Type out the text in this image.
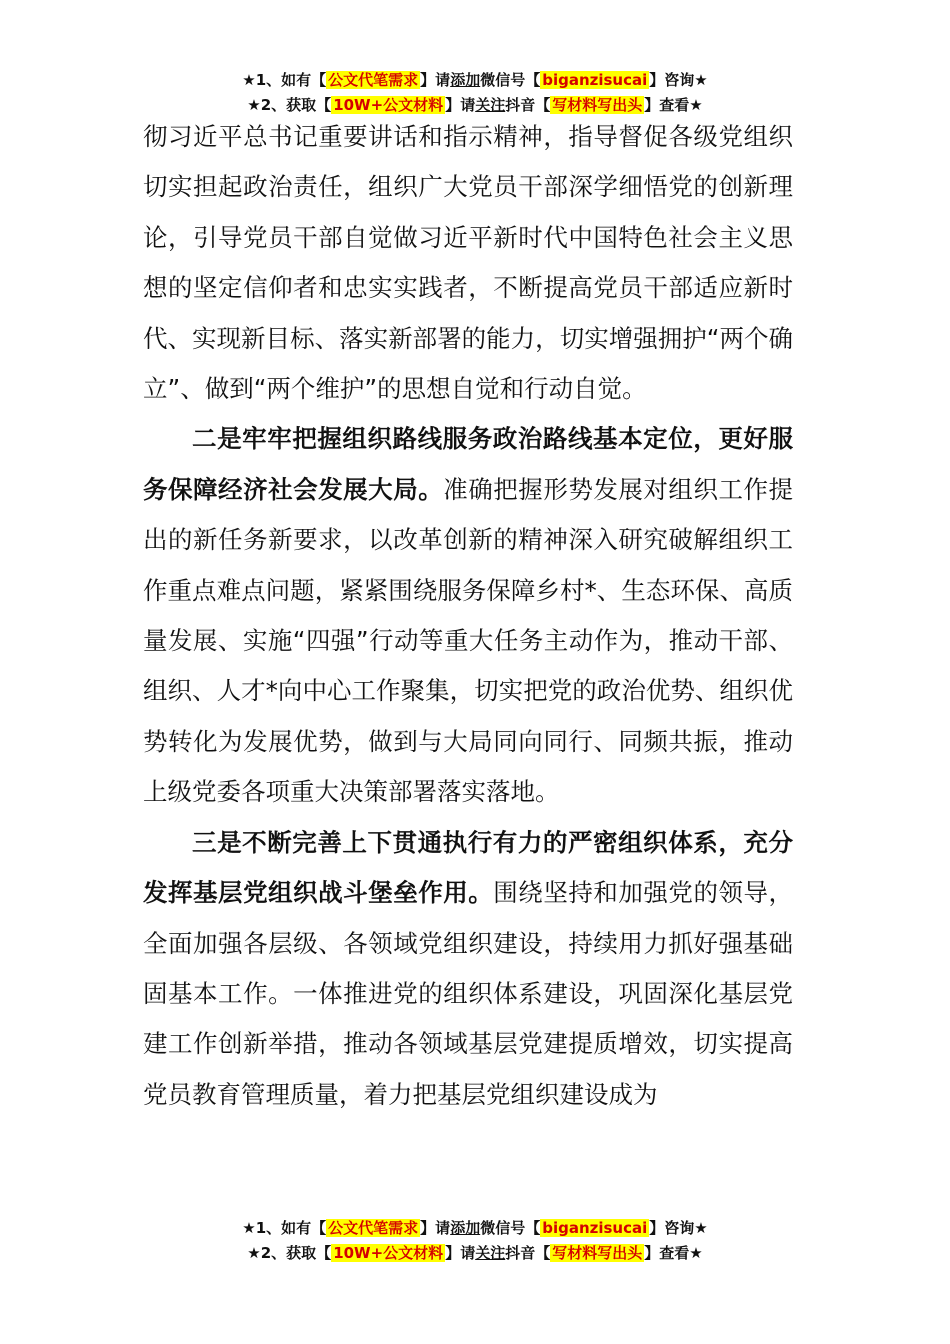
★1、如有【 公文代笔需求 】请添加微信号【 biganzisucai 】咨询★
★2、获取【 10W+公文材料 】请关注抖音【 写材料写出头 】查看★

彻习近平总书记重要讲话和指示精神，指导督促各级党组织切实担起政治责任，组织广大党员干部深学细悟党的创新理论，引导党员干部自觉做习近平新时代中国特色社会主义思想的坚定信仰者和忠实实践者，不断提高党员干部适应新时代、实现新目标、落实新部署的能力，切实增强拥护“两个确立”、做到“两个维护”的思想自觉和行动自觉。

二是牢牢把握组织路线服务政治路线基本定位，更好服务保障经济社会发展大局。准确把握形势发展对组织工作提出的新任务新要求，以改革创新的精神深入研究破解组织工作重点难点问题，紧紧围绕服务保障乡村*、生态环保、高质量发展、实施“四强”行动等重大任务主动作为，推动干部、组织、人才*向中心工作聚集，切实把党的政治优势、组织优势转化为发展优势，做到与大局同向同行、同频共振，推动上级党委各项重大决策部署落实落地。

三是不断完善上下贯通执行有力的严密组织体系，充分发挥基层党组织战斗堡垒作用。围绕坚持和加强党的领导，全面加强各层级、各领域党组织建设，持续用力抓好强基础固基本工作。一体推进党的组织体系建设，巩固深化基层党建工作创新举措，推动各领域基层党建提质增效，切实提高党员教育管理质量，着力把基层党组织建设成为

★1、如有【 公文代笔需求 】请添加微信号【 biganzisucai 】咨询★
★2、获取【 10W+公文材料 】请关注抖音【 写材料写出头 】查看★
